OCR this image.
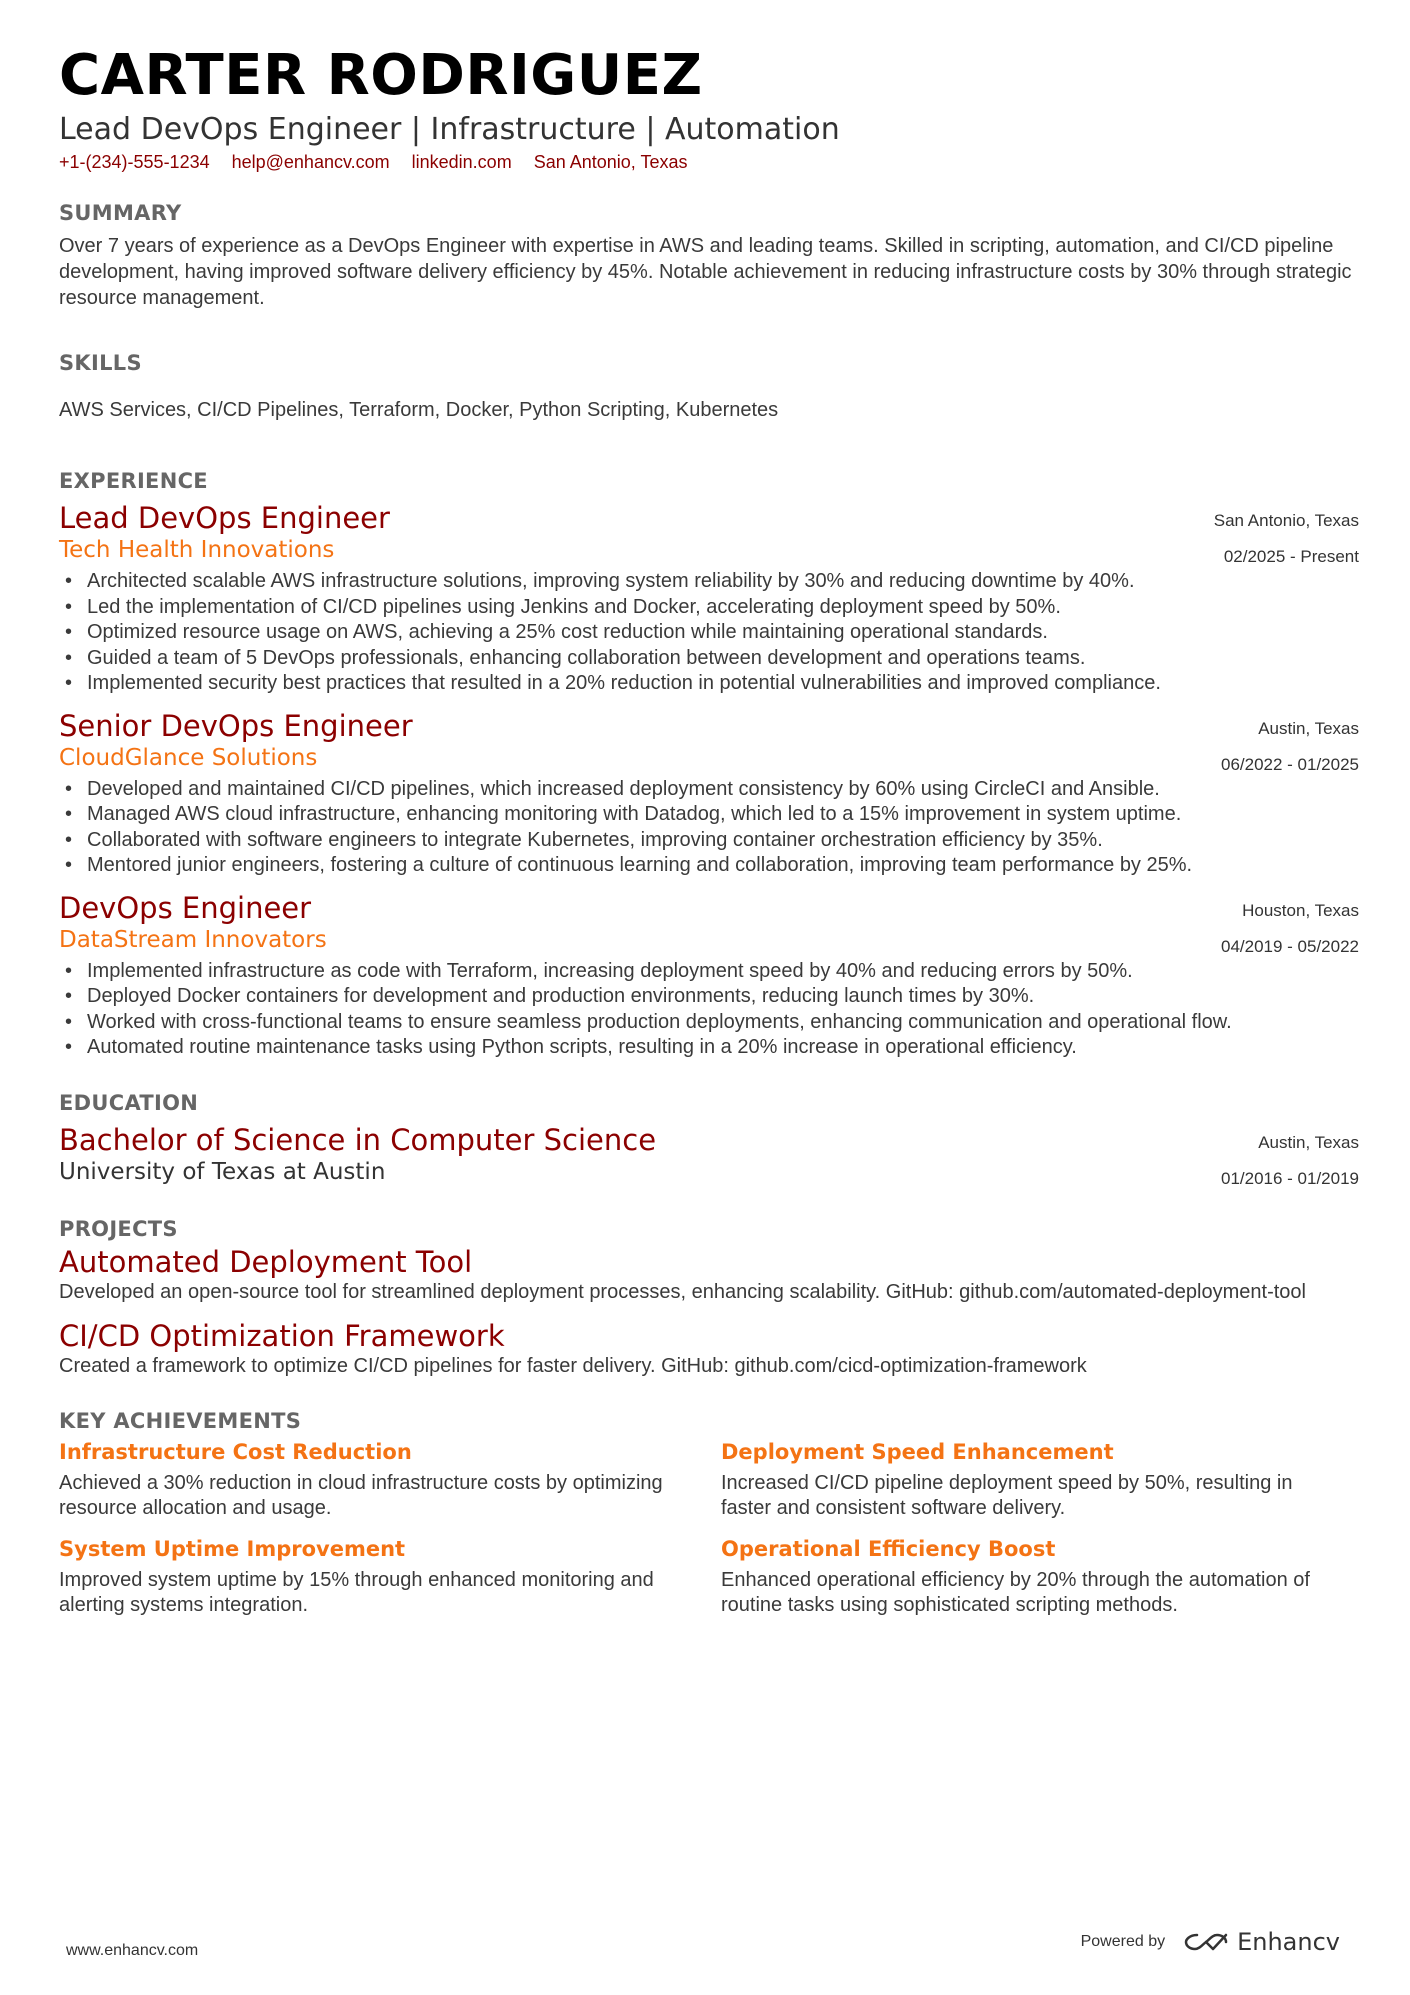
CARTER RODRIGUEZ
Lead DevOps Engineer | Infrastructure | Automation
+1-(234)-555-1234 help@enhancv.com linkedin.com San Antonio, Texas
SUMMARY
Over 7 years of experience as a DevOps Engineer with expertise in AWS and leading teams. Skilled in scripting, automation, and CI/CD pipeline development, having improved software delivery efficiency by 45%. Notable achievement in reducing infrastructure costs by 30% through strategic resource management.
SKILLS
AWS Services, CI/CD Pipelines, Terraform, Docker, Python Scripting, Kubernetes
EXPERIENCE
Lead DevOps Engineer
Tech Health Innovations
San Antonio, Texas
02/2025 - Present
• Architected scalable AWS infrastructure solutions, improving system reliability by 30% and reducing downtime by 40%.
• Led the implementation of CI/CD pipelines using Jenkins and Docker, accelerating deployment speed by 50%.
• Optimized resource usage on AWS, achieving a 25% cost reduction while maintaining operational standards.
• Guided a team of 5 DevOps professionals, enhancing collaboration between development and operations teams.
• Implemented security best practices that resulted in a 20% reduction in potential vulnerabilities and improved compliance.
Senior DevOps Engineer
CloudGlance Solutions
Austin, Texas
06/2022 - 01/2025
• Developed and maintained CI/CD pipelines, which increased deployment consistency by 60% using CircleCI and Ansible.
• Managed AWS cloud infrastructure, enhancing monitoring with Datadog, which led to a 15% improvement in system uptime.
• Collaborated with software engineers to integrate Kubernetes, improving container orchestration efficiency by 35%.
• Mentored junior engineers, fostering a culture of continuous learning and collaboration, improving team performance by 25%.
DevOps Engineer
DataStream Innovators
Houston, Texas
04/2019 - 05/2022
• Implemented infrastructure as code with Terraform, increasing deployment speed by 40% and reducing errors by 50%.
• Deployed Docker containers for development and production environments, reducing launch times by 30%.
• Worked with cross-functional teams to ensure seamless production deployments, enhancing communication and operational flow.
• Automated routine maintenance tasks using Python scripts, resulting in a 20% increase in operational efficiency.
EDUCATION
Bachelor of Science in Computer Science
University of Texas at Austin
Austin, Texas
01/2016 - 01/2019
PROJECTS
Automated Deployment Tool
Developed an open-source tool for streamlined deployment processes, enhancing scalability. GitHub: github.com/automated-deployment-tool
CI/CD Optimization Framework
Created a framework to optimize CI/CD pipelines for faster delivery. GitHub: github.com/cicd-optimization-framework
KEY ACHIEVEMENTS
Infrastructure Cost Reduction
Achieved a 30% reduction in cloud infrastructure costs by optimizing resource allocation and usage.
Deployment Speed Enhancement
Increased CI/CD pipeline deployment speed by 50%, resulting in faster and consistent software delivery.
System Uptime Improvement
Improved system uptime by 15% through enhanced monitoring and alerting systems integration.
Operational Efficiency Boost
Enhanced operational efficiency by 20% through the automation of routine tasks using sophisticated scripting methods.
www.enhancv.com
Powered by	Enhancv
